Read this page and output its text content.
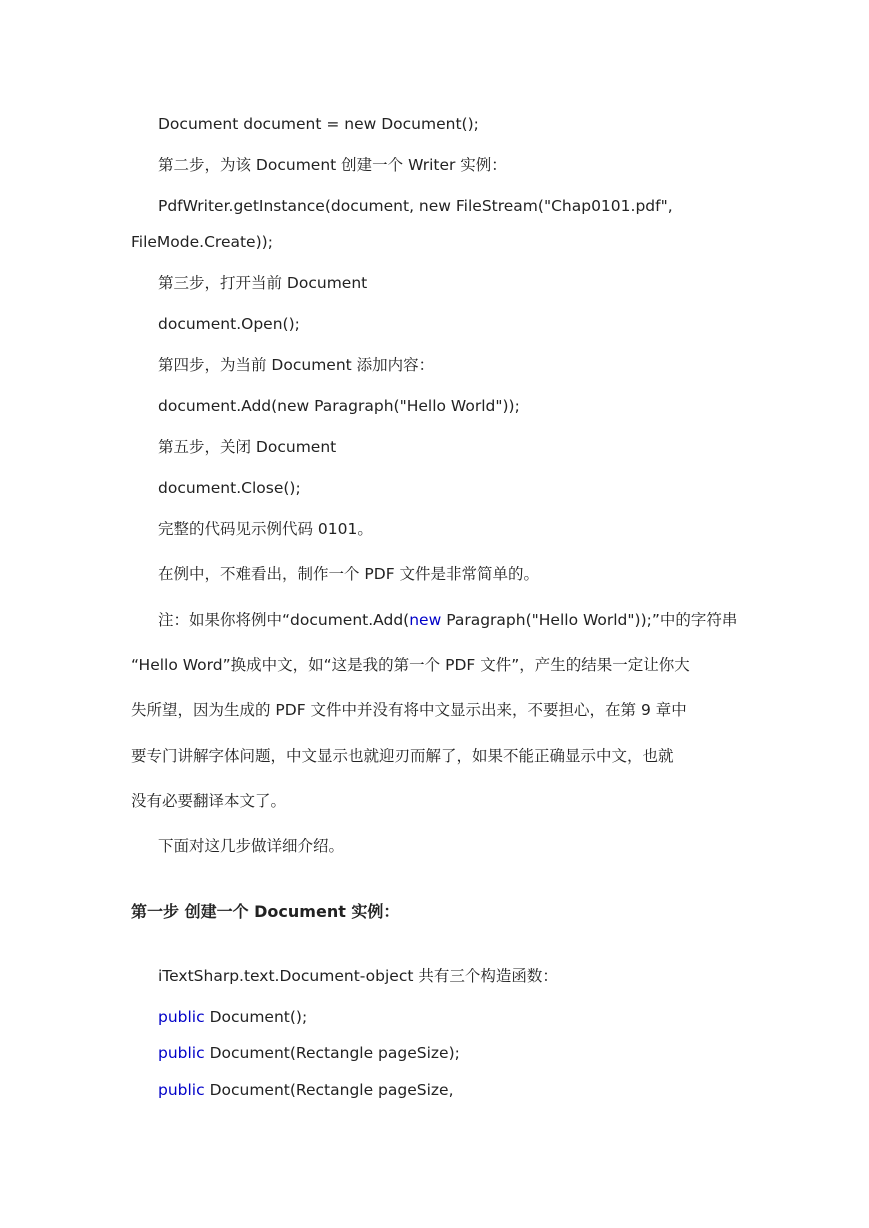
Document document = new Document();
第二步，为该 Document 创建一个 Writer 实例：
PdfWriter.getInstance(document, new FileStream("Chap0101.pdf",
FileMode.Create));
第三步，打开当前 Document
document.Open();
第四步，为当前 Document 添加内容：
document.Add(new Paragraph("Hello World"));
第五步，关闭 Document
document.Close();
完整的代码见示例代码 0101。
在例中，不难看出，制作一个 PDF 文件是非常简单的。
注：如果你将例中“document.Add(new Paragraph("Hello World"));”中的字符串
“Hello Word”换成中文，如“这是我的第一个 PDF 文件”，产生的结果一定让你大
失所望，因为生成的 PDF 文件中并没有将中文显示出来，不要担心，在第 9 章中
要专门讲解字体问题，中文显示也就迎刃而解了，如果不能正确显示中文，也就
没有必要翻译本文了。
下面对这几步做详细介绍。
第一步 创建一个 Document 实例：
iTextSharp.text.Document-object 共有三个构造函数：
public Document();
public Document(Rectangle pageSize);
public Document(Rectangle pageSize,
